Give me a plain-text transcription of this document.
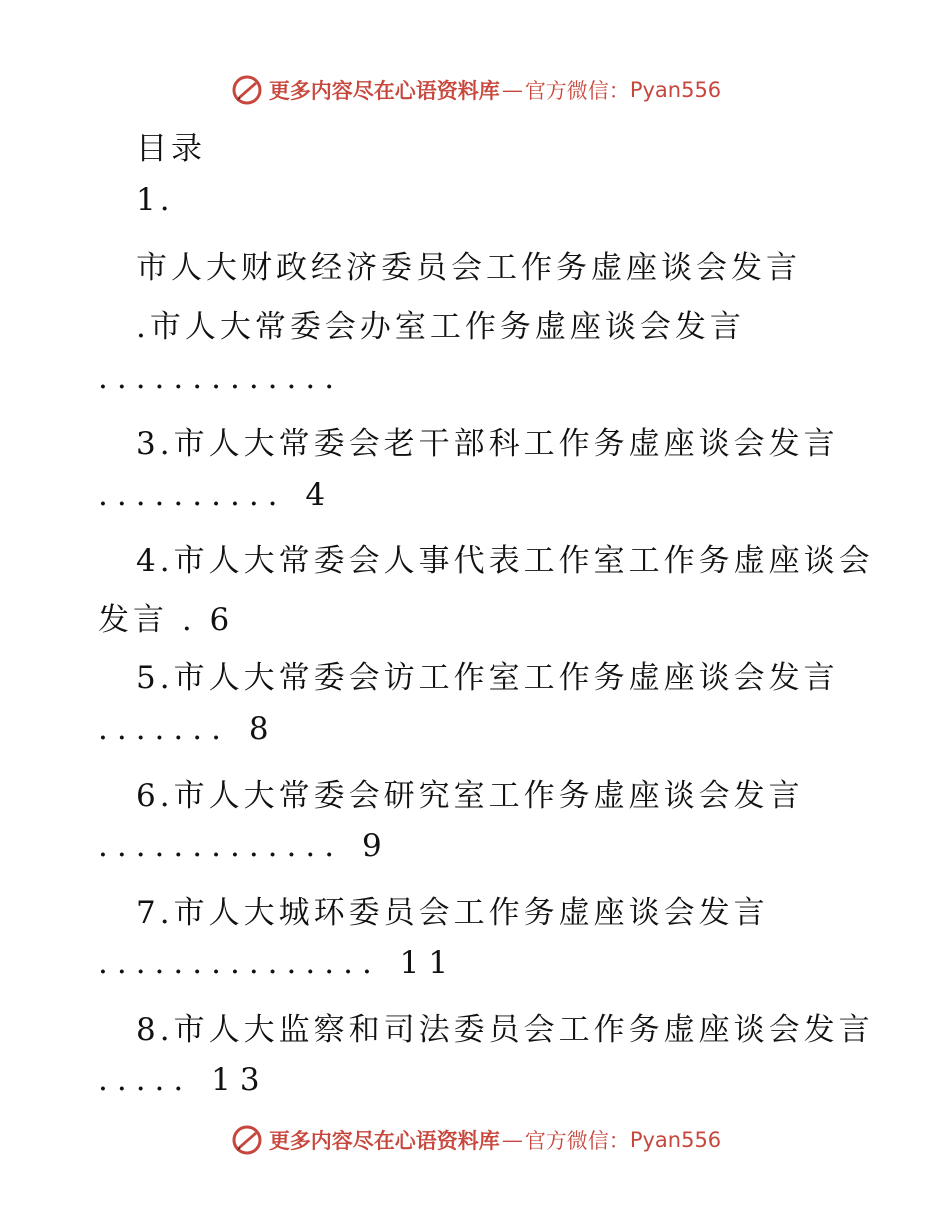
更多内容尽在心语资料库 — 官方微信： Pyan556
目录
1.
市人大财政经济委员会工作务虚座谈会发言
.市人大常委会办室工作务虚座谈会发言
.............
3.市人大常委会老干部科工作务虚座谈会发言
.......... 4
4.市人大常委会人事代表工作室工作务虚座谈会
发言 . 6
5.市人大常委会访工作室工作务虚座谈会发言
....... 8
6.市人大常委会研究室工作务虚座谈会发言
............. 9
7.市人大城环委员会工作务虚座谈会发言
............... 11
8.市人大监察和司法委员会工作务虚座谈会发言
..... 13
更多内容尽在心语资料库 — 官方微信： Pyan556
